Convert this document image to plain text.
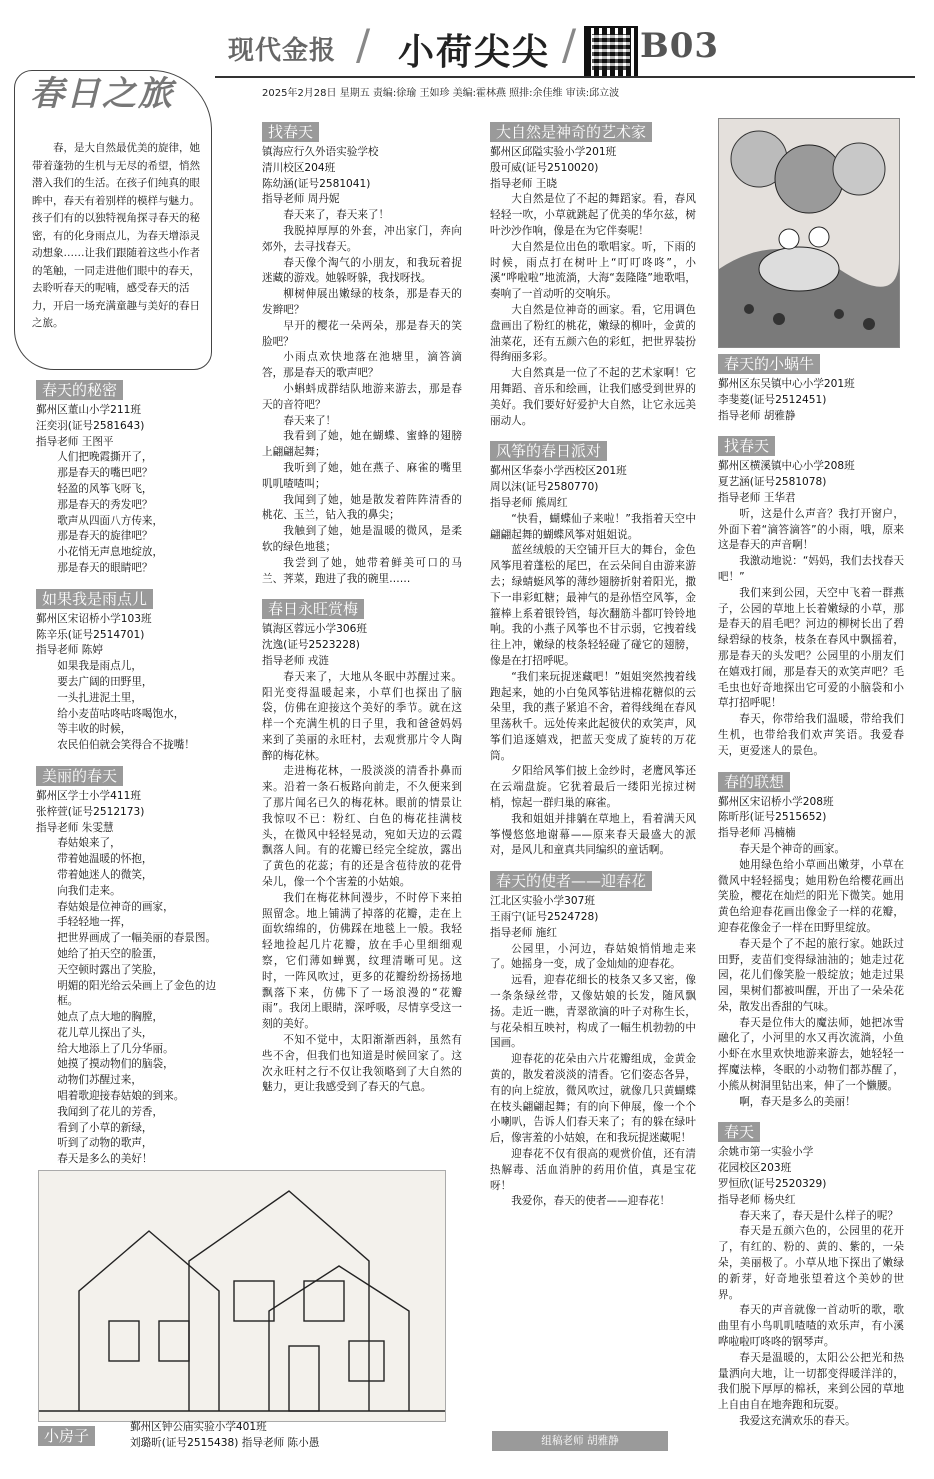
现代金报 / 小荷尖尖 / B03
2025年2月28日 星期五 责编:徐瑜 王如珍 美编:霍林燕 照排:余佳维 审读:邱立波
春日之旅
春，是大自然最优美的旋律，她带着蓬勃的生机与无尽的希望，悄然潜入我们的生活。在孩子们纯真的眼眸中，春天有着别样的模样与魅力。孩子们有的以独特视角探寻春天的秘密，有的化身雨点儿，为春天增添灵动想象……让我们跟随着这些小作者的笔触，一同走进他们眼中的春天，去聆听春天的呢喃，感受春天的活力，开启一场充满童趣与美好的春日之旅。
春天的秘密

鄞州区董山小学211班
汪奕羽(证号2581643)
指导老师 王图平
人们把晚霞撕开了，
那是春天的嘴巴吧？
轻盈的风筝飞呀飞，
那是春天的秀发吧？
歌声从四面八方传来，
那是春天的旋律吧？
小花悄无声息地绽放，
那是春天的眼睛吧？
如果我是雨点儿

鄞州区宋诏桥小学103班
陈辛乐(证号2514701)
指导老师 陈婷
如果我是雨点儿，
要去广阔的田野里，
一头扎进泥土里，
给小麦苗咕咚咕咚喝饱水，
等丰收的时候，
农民伯伯就会笑得合不拢嘴！
美丽的春天

鄞州区学士小学411班
张梓萱(证号2512173)
指导老师 朱雯慧
春姑娘来了，
带着她温暖的怀抱，
带着她迷人的微笑，
向我们走来。
春姑娘是位神奇的画家，
手轻轻地一挥，
把世界画成了一幅美丽的春景图。
她给了拍天空的脸蛋，
天空顿时露出了笑脸，
明媚的阳光给云朵画上了金色的边框。
她点了点大地的胸膛，
花儿草儿探出了头，
给大地添上了几分华丽。
她摸了摸动物们的脑袋，
动物们苏醒过来，
唱着歌迎接春姑娘的到来。
我闻到了花儿的芳香，
看到了小草的新绿，
听到了动物的歌声，
春天是多么的美好！
找春天

镇海应行久外语实验学校
清川校区204班
陈幼涵(证号2581041)
指导老师 周丹妮
春天来了，春天来了！
我脱掉厚厚的外套，冲出家门，奔向郊外，去寻找春天。
春天像个淘气的小朋友，和我玩着捉迷藏的游戏。她躲呀躲，我找呀找。
柳树伸展出嫩绿的枝条，那是春天的发辫吧？
早开的樱花一朵两朵，那是春天的笑脸吧？
小雨点欢快地落在池塘里，滴答滴答，那是春天的歌声吧？
小蝌蚪成群结队地游来游去，那是春天的音符吧？
春天来了！
我看到了她，她在蝴蝶、蜜蜂的翅膀上翩翩起舞；
我听到了她，她在燕子、麻雀的嘴里叽叽喳喳叫；
我闻到了她，她是散发着阵阵清香的桃花、玉兰，钻入我的鼻尖；
我触到了她，她是温暖的微风，是柔软的绿色地毯；
我尝到了她，她带着鲜美可口的马兰、荠菜，跑进了我的碗里……
春日永旺赏梅

镇海区蓉远小学306班
沈逸(证号2523228)
指导老师 戎涟
春天来了，大地从冬眠中苏醒过来。阳光变得温暖起来，小草们也探出了脑袋，仿佛在迎接这个美好的季节。就在这样一个充满生机的日子里，我和爸爸妈妈来到了美丽的永旺村，去观赏那片令人陶醉的梅花林。
走进梅花林，一股淡淡的清香扑鼻而来。沿着一条石板路向前走，不久便来到了那片闻名已久的梅花林。眼前的情景让我惊叹不已：粉红、白色的梅花挂满枝头，在微风中轻轻晃动，宛如天边的云霞飘落人间。有的花瓣已经完全绽放，露出了黄色的花蕊；有的还是含苞待放的花骨朵儿，像一个个害羞的小姑娘。
我们在梅花林间漫步，不时停下来拍照留念。地上铺满了掉落的花瓣，走在上面软绵绵的，仿佛踩在地毯上一般。我轻轻地捡起几片花瓣，放在手心里细细观察，它们薄如蝉翼，纹理清晰可见。这时，一阵风吹过，更多的花瓣纷纷扬扬地飘落下来，仿佛下了一场浪漫的“花瓣雨”。我闭上眼睛，深呼吸，尽情享受这一刻的美好。
不知不觉中，太阳渐渐西斜，虽然有些不舍，但我们也知道是时候回家了。这次永旺村之行不仅让我领略到了大自然的魅力，更让我感受到了春天的气息。
大自然是神奇的艺术家

鄞州区邱隘实验小学201班
殷可威(证号2510020)
指导老师 王晓
大自然是位了不起的舞蹈家。看，春风轻轻一吹，小草就跳起了优美的华尔兹，树叶沙沙作响，像是在为它伴奏呢！
大自然是位出色的歌唱家。听，下雨的时候，雨点打在树叶上“叮叮咚咚”，小溪“哗啦啦”地流淌，大海“轰隆隆”地歌唱，奏响了一首动听的交响乐。
大自然是位神奇的画家。看，它用调色盘画出了粉红的桃花，嫩绿的柳叶，金黄的油菜花，还有五颜六色的彩虹，把世界装扮得绚丽多彩。
大自然真是一位了不起的艺术家啊！它用舞蹈、音乐和绘画，让我们感受到世界的美好。我们要好好爱护大自然，让它永远美丽动人。
风筝的春日派对

鄞州区华泰小学西校区201班
周以沫(证号2580770)
指导老师 熊周红
“快看，蝴蝶仙子来啦！”我指着天空中翩翩起舞的蝴蝶风筝对姐姐说。
蓝丝绒般的天空铺开巨大的舞台，金色风筝甩着蓬松的尾巴，在云朵间自由游来游去；绿蜻蜓风筝的薄纱翅膀折射着阳光，撒下一串彩虹糖；最神气的是孙悟空风筝，金箍棒上系着银铃铛，每次翻筋斗都叮铃铃地响。我的小燕子风筝也不甘示弱，它拽着线往上冲，嫩绿的枝条轻轻碰了碰它的翅膀，像是在打招呼呢。
“我们来玩捉迷藏吧！”姐姐突然拽着线跑起来，她的小白兔风筝钻进棉花糖似的云朵里，我的燕子紧追不舍，着得线绳在春风里荡秋千。远处传来此起彼伏的欢笑声，风筝们追逐嬉戏，把蓝天变成了旋转的万花筒。
夕阳给风筝们披上金纱时，老鹰风筝还在云端盘旋。它犹着最后一缕阳光掠过树梢，惊起一群归巢的麻雀。
我和姐姐并排躺在草地上，看着满天风筝慢悠悠地谢幕——原来春天最盛大的派对，是风儿和童真共同编织的童话啊。
春天的使者——迎春花

江北区实验小学307班
王雨宁(证号2524728)
指导老师 施红
公园里，小河边，春姑娘悄悄地走来了。她摇身一变，成了金灿灿的迎春花。
远看，迎春花细长的枝条又多又密，像一条条绿丝带，又像姑娘的长发，随风飘扬。走近一瞧，青翠欲滴的叶子对称生长，与花朵相互映衬，构成了一幅生机勃勃的中国画。
迎春花的花朵由六片花瓣组成，金黄金黄的，散发着淡淡的清香。它们姿态各异，有的向上绽放，微风吹过，就像几只黄蝴蝶在枝头翩翩起舞；有的向下伸展，像一个个小喇叭，告诉人们春天来了；有的躲在绿叶后，像害羞的小姑娘，在和我玩捉迷藏呢！
迎春花不仅有很高的观赏价值，还有清热解毒、活血消肿的药用价值，真是宝花呀！
我爱你，春天的使者——迎春花！
春天的小蜗牛

鄞州区东吴镇中心小学201班
李斐菱(证号2512451)
指导老师 胡雅静
找春天

鄞州区横溪镇中心小学208班
夏艺涵(证号2581078)
指导老师 王华君
听，这是什么声音？我打开窗户，外面下着“滴答滴答”的小雨，哦，原来这是春天的声音啊！
我激动地说：“妈妈，我们去找春天吧！”
我们来到公园，天空中飞着一群燕子，公园的草地上长着嫩绿的小草，那是春天的眉毛吧？河边的柳树长出了碧绿碧绿的枝条，枝条在春风中飘摇着，那是春天的头发吧？公园里的小朋友们在嬉戏打闹，那是春天的欢笑声吧？毛毛虫也好奇地探出它可爱的小脑袋和小草打招呼呢！
春天，你带给我们温暖，带给我们生机，也带给我们欢声笑语。我爱春天，更爱迷人的景色。
春的联想

鄞州区宋诏桥小学208班
陈昕彤(证号2515652)
指导老师 冯楠楠
春天是个神奇的画家。
她用绿色给小草画出嫩芽，小草在微风中轻轻摇曳；她用粉色给樱花画出笑脸，樱花在灿烂的阳光下微笑。她用黄色给迎春花画出像金子一样的花瓣，迎春花像金子一样在田野里绽放。
春天是个了不起的旅行家。她跃过田野，麦苗们变得绿油油的；她走过花园，花儿们像笑脸一般绽放；她走过果园，果树们都被叫醒，开出了一朵朵花朵，散发出香甜的气味。
春天是位伟大的魔法师，她把冰雪融化了，小河里的水又再次流淌，小鱼小虾在水里欢快地游来游去，她轻轻一挥魔法棒，冬眠的小动物们都苏醒了，小熊从树洞里钻出来，伸了一个懒腰。
啊，春天是多么的美丽！
春天

余姚市第一实验小学
花园校区203班
罗恒欣(证号2520329)
指导老师 杨央红
春天来了，春天是什么样子的呢？
春天是五颜六色的，公园里的花开了，有红的、粉的、黄的、紫的，一朵朵，美丽极了。小草从地下探出了嫩绿的新芽，好奇地张望着这个美妙的世界。
春天的声音就像一首动听的歌，歌曲里有小鸟叽叽喳喳的欢乐声，有小溪哗啦啦叮咚咚的钢琴声。
春天是温暖的，太阳公公把光和热量洒向大地，让一切都变得暖洋洋的，我们脱下厚厚的棉袄，来到公园的草地上自由自在地奔跑和玩耍。
我爱这充满欢乐的春天。
小房子	鄞州区钟公庙实验小学401班
刘璐昕(证号2515438) 指导老师 陈小愚	组稿老师 胡雅静
